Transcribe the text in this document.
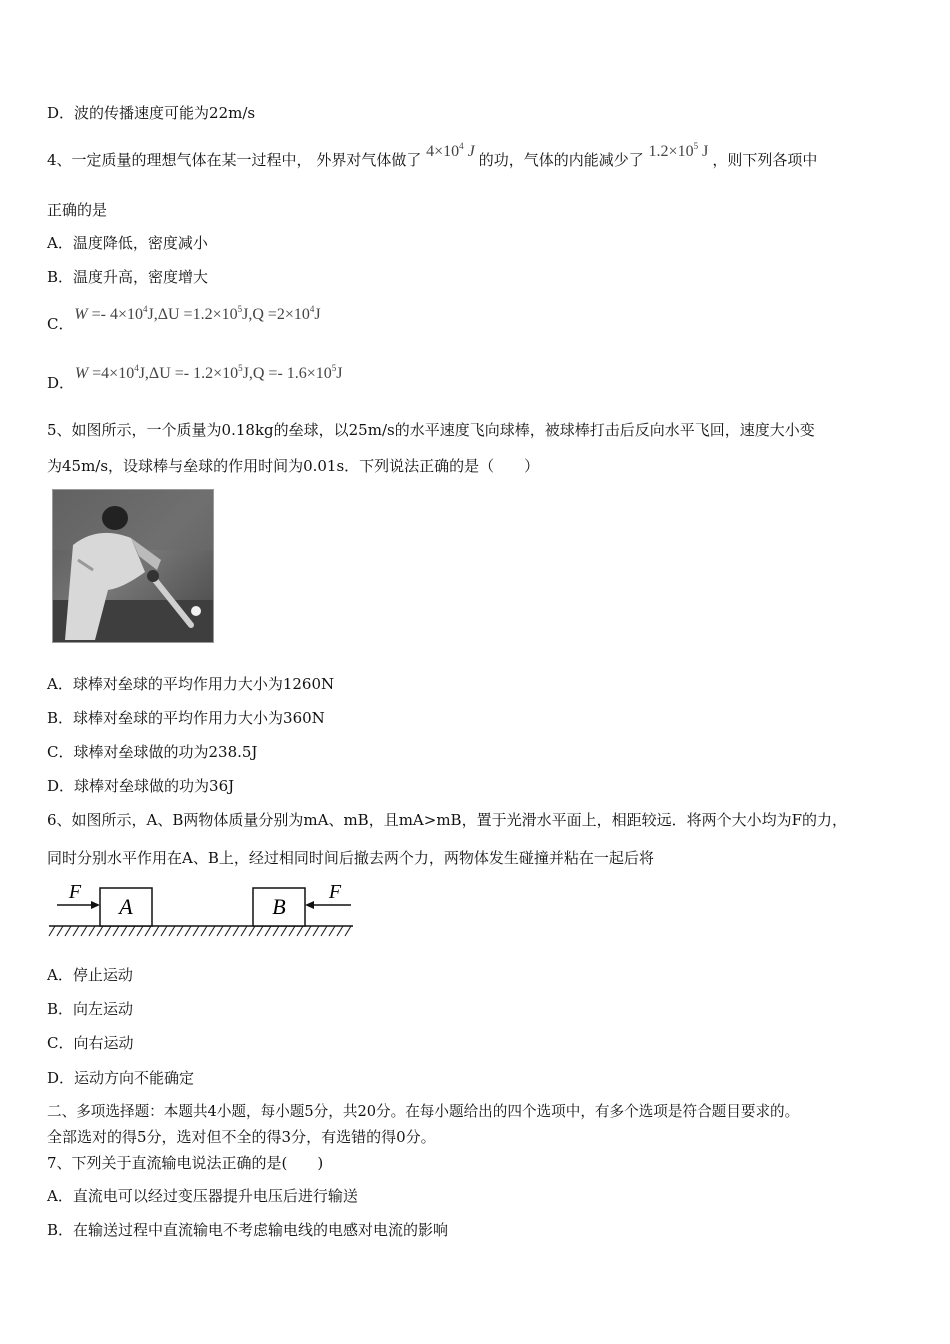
D．波的传播速度可能为22m/s
4、一定质量的理想气体在某一过程中， 外界对气体做了 $4\times 10^4$ J 的功，气体的内能减少了 $1.2\times 10^5$ J ，则下列各项中
正确的是
A．温度降低，密度减小
B．温度升高，密度增大
C． $W =- 4\times 10^4J,\Delta U =1.2\times 10^5J,Q =2\times 10^4J$
D． $W =4\times 10^4J,\Delta U =- 1.2\times 10^5J,Q =- 1.6\times 10^5J$
5、如图所示，一个质量为0.18kg的垒球，以25m/s的水平速度飞向球棒，被球棒打击后反向水平飞回，速度大小变
为45m/s，设球棒与垒球的作用时间为0.01s．下列说法正确的是（　　）
A．球棒对垒球的平均作用力大小为1260N
B．球棒对垒球的平均作用力大小为360N
C．球棒对垒球做的功为238.5J
D．球棒对垒球做的功为36J
6、如图所示，A、B两物体质量分别为mA、mB，且mA>mB，置于光滑水平面上，相距较远．将两个大小均为F的力，
同时分别水平作用在A、B上，经过相同时间后撤去两个力，两物体发生碰撞并粘在一起后将
A	B
F	F
A．停止运动
B．向左运动
C．向右运动
D．运动方向不能确定
二、多项选择题：本题共4小题，每小题5分，共20分。在每小题给出的四个选项中，有多个选项是符合题目要求的。
全部选对的得5分，选对但不全的得3分，有选错的得0分。
7、下列关于直流输电说法正确的是(　　)
A．直流电可以经过变压器提升电压后进行输送
B．在输送过程中直流输电不考虑输电线的电感对电流的影响
